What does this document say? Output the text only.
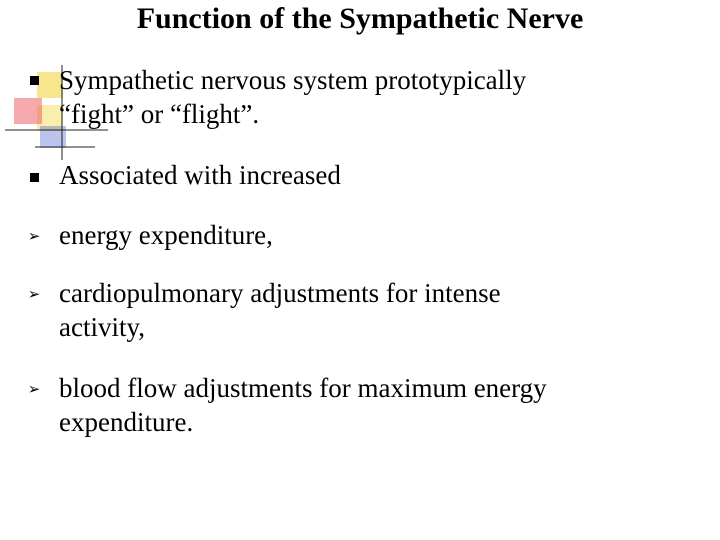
Function of the Sympathetic Nerve
Sympathetic nervous system prototypically
“fight” or “flight”.
Associated with increased
➢ energy expenditure,
➢ cardiopulmonary adjustments for intense
activity,
➢ blood flow adjustments for maximum energy
expenditure.
